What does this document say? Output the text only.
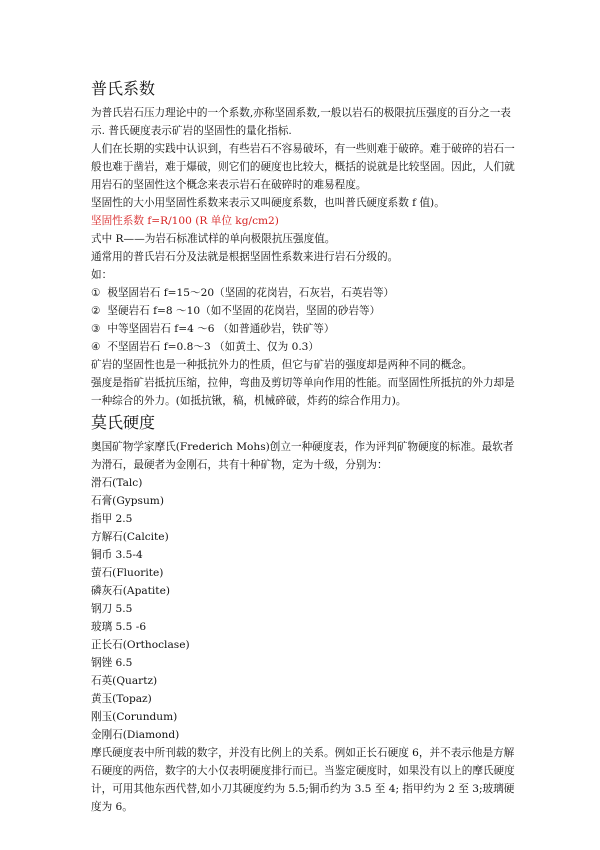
普氏系数

为普氏岩石压力理论中的一个系数,亦称坚固系数,一般以岩石的极限抗压强度的百分之一表示. 普氏硬度表示矿岩的坚固性的量化指标.

人们在长期的实践中认识到，有些岩石不容易破坏，有一些则难于破碎。难于破碎的岩石一般也难于凿岩，难于爆破，则它们的硬度也比较大，概括的说就是比较坚固。因此，人们就用岩石的坚固性这个概念来表示岩石在破碎时的难易程度。

坚固性的大小用坚固性系数来表示又叫硬度系数，也叫普氏硬度系数 f 值)。

坚固性系数 f=R/100 (R 单位 kg/cm2)

式中 R——为岩石标准试样的单向极限抗压强度值。

通常用的普氏岩石分及法就是根据坚固性系数来进行岩石分级的。

如：

① 极坚固岩石 f=15～20（坚固的花岗岩，石灰岩，石英岩等）

② 坚硬岩石 f=8 ～10（如不坚固的花岗岩，坚固的砂岩等）

③ 中等坚固岩石 f=4 ～6 （如普通砂岩，铁矿等）

④ 不坚固岩石 f=0.8～3 （如黄土、仅为 0.3）

矿岩的坚固性也是一种抵抗外力的性质，但它与矿岩的强度却是两种不同的概念。

强度是指矿岩抵抗压缩，拉伸，弯曲及剪切等单向作用的性能。而坚固性所抵抗的外力却是一种综合的外力。(如抵抗锹，稿，机械碎破，炸药的综合作用力)。

莫氏硬度

奥国矿物学家摩氏(Frederich Mohs)创立一种硬度表，作为评判矿物硬度的标准。最软者为滑石，最硬者为金刚石，共有十种矿物，定为十级，分别为：

滑石(Talc)

石膏(Gypsum)

指甲 2.5

方解石(Calcite)

铜币 3.5-4

萤石(Fluorite)

磷灰石(Apatite)

钢刀 5.5

玻璃 5.5 -6

正长石(Orthoclase)

钢锉 6.5

石英(Quartz)

黄玉(Topaz)

刚玉(Corundum)

金刚石(Diamond)

摩氏硬度表中所刊载的数字，并没有比例上的关系。例如正长石硬度 6，并不表示他是方解石硬度的两倍，数字的大小仅表明硬度排行而已。当鉴定硬度时，如果没有以上的摩氏硬度计，可用其他东西代替,如小刀其硬度约为 5.5;铜币约为 3.5 至 4; 指甲约为 2 至 3;玻璃硬度为 6。
